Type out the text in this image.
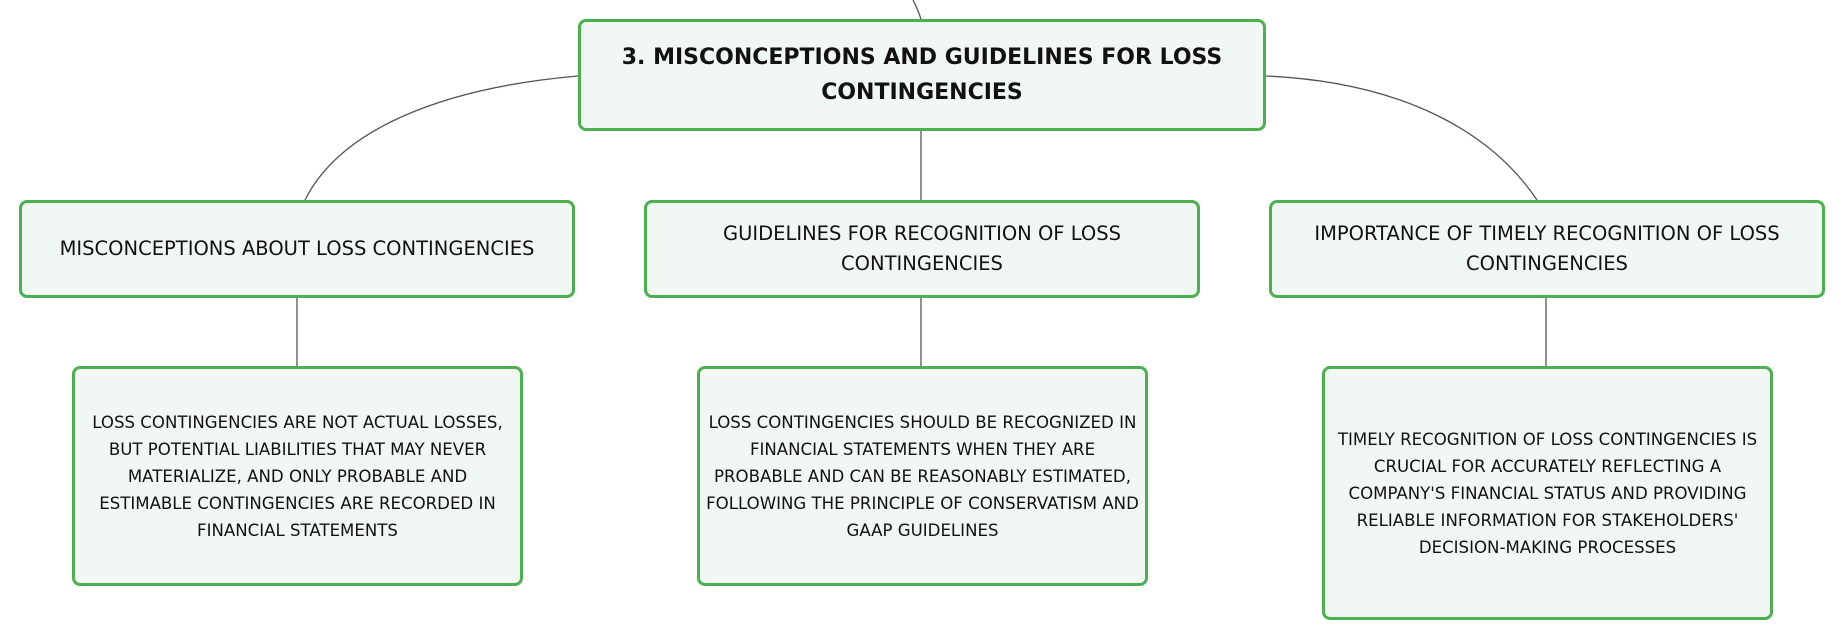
3. MISCONCEPTIONS AND GUIDELINES FOR LOSS CONTINGENCIES
MISCONCEPTIONS ABOUT LOSS CONTINGENCIES
GUIDELINES FOR RECOGNITION OF LOSS CONTINGENCIES
IMPORTANCE OF TIMELY RECOGNITION OF LOSS CONTINGENCIES
LOSS CONTINGENCIES ARE NOT ACTUAL LOSSES, BUT POTENTIAL LIABILITIES THAT MAY NEVER MATERIALIZE, AND ONLY PROBABLE AND ESTIMABLE CONTINGENCIES ARE RECORDED IN FINANCIAL STATEMENTS
LOSS CONTINGENCIES SHOULD BE RECOGNIZED IN FINANCIAL STATEMENTS WHEN THEY ARE PROBABLE AND CAN BE REASONABLY ESTIMATED, FOLLOWING THE PRINCIPLE OF CONSERVATISM AND GAAP GUIDELINES
TIMELY RECOGNITION OF LOSS CONTINGENCIES IS CRUCIAL FOR ACCURATELY REFLECTING A COMPANY'S FINANCIAL STATUS AND PROVIDING RELIABLE INFORMATION FOR STAKEHOLDERS' DECISION-MAKING PROCESSES
